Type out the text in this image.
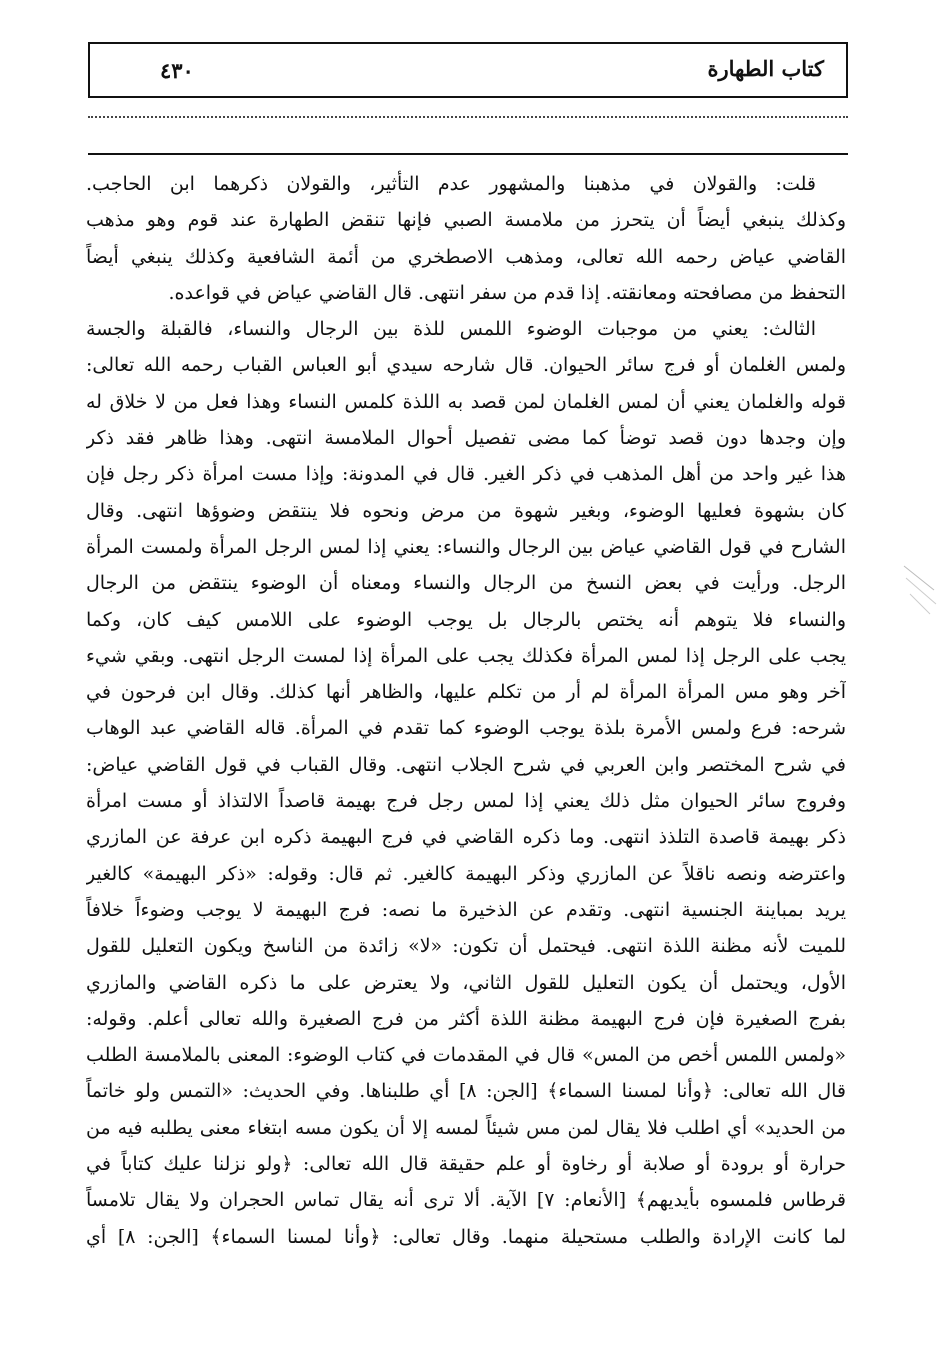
كتاب الطهارة
٤٣٠
قلت: والقولان في مذهبنا والمشهور عدم التأثير، والقولان ذكرهما ابن الحاجب.
وكذلك ينبغي أيضاً أن يتحرز من ملامسة الصبي فإنها تنقض الطهارة عند قوم وهو مذهب
القاضي عياض رحمه الله تعالى، ومذهب الاصطخري من أئمة الشافعية وكذلك ينبغي أيضاً
التحفظ من مصافحته ومعانقته. إذا قدم من سفر انتهى. قال القاضي عياض في قواعده.
الثالث: يعني من موجبات الوضوء اللمس للذة بين الرجال والنساء، فالقبلة والجسة
ولمس الغلمان أو فرج سائر الحيوان. قال شارحه سيدي أبو العباس القباب رحمه الله تعالى:
قوله والغلمان يعني أن لمس الغلمان لمن قصد به اللذة كلمس النساء وهذا فعل من لا خلاق له
وإن وجدها دون قصد توضأ كما مضى تفصيل أحوال الملامسة انتهى. وهذا ظاهر فقد ذكر
هذا غير واحد من أهل المذهب في ذكر الغير. قال في المدونة: وإذا مست امرأة ذكر رجل فإن
كان بشهوة فعليها الوضوء، وبغير شهوة من مرض ونحوه فلا ينتقض وضوؤها انتهى. وقال
الشارح في قول القاضي عياض بين الرجال والنساء: يعني إذا لمس الرجل المرأة ولمست المرأة
الرجل. ورأيت في بعض النسخ من الرجال والنساء ومعناه أن الوضوء ينتقض من الرجال
والنساء فلا يتوهم أنه يختص بالرجال بل يوجب الوضوء على اللامس كيف كان، وكما
يجب على الرجل إذا لمس المرأة فكذلك يجب على المرأة إذا لمست الرجل انتهى. وبقي شيء
آخر وهو مس المرأة المرأة لم أر من تكلم عليها، والظاهر أنها كذلك. وقال ابن فرحون في
شرحه: فرع ولمس الأمرة بلذة يوجب الوضوء كما تقدم في المرأة. قاله القاضي عبد الوهاب
في شرح المختصر وابن العربي في شرح الجلاب انتهى. وقال القباب في قول القاضي عياض:
وفروج سائر الحيوان مثل ذلك يعني إذا لمس رجل فرج بهيمة قاصداً الالتذاذ أو مست امرأة
ذكر بهيمة قاصدة التلذذ انتهى. وما ذكره القاضي في فرج البهيمة ذكره ابن عرفة عن المازري
واعترضه ونصه ناقلاً عن المازري وذكر البهيمة كالغير. ثم قال: وقوله: «ذكر البهيمة» كالغير
يريد بمباينة الجنسية انتهى. وتقدم عن الذخيرة ما نصه: فرج البهيمة لا يوجب وضوءاً خلافاً
للميت لأنه مظنة اللذة انتهى. فيحتمل أن تكون: «لا» زائدة من الناسخ ويكون التعليل للقول
الأول، ويحتمل أن يكون التعليل للقول الثاني، ولا يعترض على ما ذكره القاضي والمازري
بفرج الصغيرة فإن فرج البهيمة مظنة اللذة أكثر من فرج الصغيرة والله تعالى أعلم. وقوله:
«ولمس اللمس أخص من المس» قال في المقدمات في كتاب الوضوء: المعنى بالملامسة الطلب
قال الله تعالى: ﴿وأنا لمسنا السماء﴾ [الجن: ٨] أي طلبناها. وفي الحديث: «التمس ولو خاتماً
من الحديد» أي اطلب فلا يقال لمن مس شيئاً لمسه إلا أن يكون مسه ابتغاء معنى يطلبه فيه من
حرارة أو برودة أو صلابة أو رخاوة أو علم حقيقة قال الله تعالى: ﴿ولو نزلنا عليك كتاباً في
قرطاس فلمسوه بأيديهم﴾ [الأنعام: ٧] الآية. ألا ترى أنه يقال تماس الحجران ولا يقال تلامساً
لما كانت الإرادة والطلب مستحيلة منهما. وقال تعالى: ﴿وأنا لمسنا السماء﴾ [الجن: ٨] أي
